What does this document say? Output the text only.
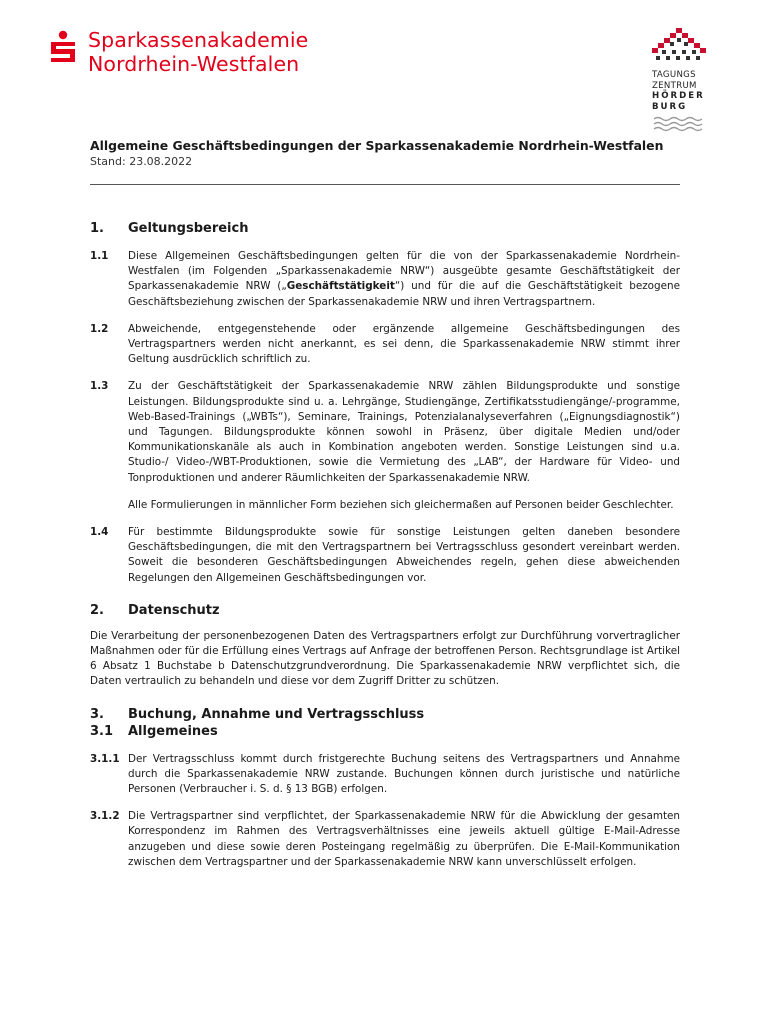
Sparkassenakademie
Nordrhein-Westfalen	TAGUNGS
ZENTRUM
HÖRDER
BURG
Allgemeine Geschäftsbedingungen der Sparkassenakademie Nordrhein-Westfalen
Stand: 23.08.2022
1.	Geltungsbereich
1.1	Diese Allgemeinen Geschäftsbedingungen gelten für die von der Sparkassenakademie Nordrhein-Westfalen (im Folgenden „Sparkassenakademie NRW“) ausgeübte gesamte Geschäftstätigkeit der Sparkassenakademie NRW („Geschäftstätigkeit“) und für die auf die Geschäftstätigkeit bezogene Geschäftsbeziehung zwischen der Sparkassenakademie NRW und ihren Vertragspartnern.
1.2	Abweichende, entgegenstehende oder ergänzende allgemeine Geschäftsbedingungen des Vertragspartners werden nicht anerkannt, es sei denn, die Sparkassenakademie NRW stimmt ihrer Geltung ausdrücklich schriftlich zu.
1.3	Zu der Geschäftstätigkeit der Sparkassenakademie NRW zählen Bildungsprodukte und sonstige Leistungen. Bildungsprodukte sind u. a. Lehrgänge, Studiengänge, Zertifikatsstudiengänge/-programme, Web-Based-Trainings („WBTs“), Seminare, Trainings, Potenzialanalyseverfahren („Eignungsdiagnostik“) und Tagungen. Bildungsprodukte können sowohl in Präsenz, über digitale Medien und/oder Kommunikationskanäle als auch in Kombination angeboten werden. Sonstige Leistungen sind u.a. Studio-/ Video-/WBT-Produktionen, sowie die Vermietung des „LAB“, der Hardware für Video- und Tonproduktionen und anderer Räumlichkeiten der Sparkassenakademie NRW.
Alle Formulierungen in männlicher Form beziehen sich gleichermaßen auf Personen beider Geschlechter.
1.4	Für bestimmte Bildungsprodukte sowie für sonstige Leistungen gelten daneben besondere Geschäftsbedingungen, die mit den Vertragspartnern bei Vertragsschluss gesondert vereinbart werden. Soweit die besonderen Geschäftsbedingungen Abweichendes regeln, gehen diese abweichenden Regelungen den Allgemeinen Geschäftsbedingungen vor.
2.	Datenschutz
Die Verarbeitung der personenbezogenen Daten des Vertragspartners erfolgt zur Durchführung vorvertraglicher Maßnahmen oder für die Erfüllung eines Vertrags auf Anfrage der betroffenen Person. Rechtsgrundlage ist Artikel 6 Absatz 1 Buchstabe b Datenschutzgrundverordnung. Die Sparkassenakademie NRW verpflichtet sich, die Daten vertraulich zu behandeln und diese vor dem Zugriff Dritter zu schützen.
3.	Buchung, Annahme und Vertragsschluss
3.1	Allgemeines
3.1.1 Der Vertragsschluss kommt durch fristgerechte Buchung seitens des Vertragspartners und Annahme durch die Sparkassenakademie NRW zustande. Buchungen können durch juristische und natürliche Personen (Verbraucher i. S. d. § 13 BGB) erfolgen.
3.1.2 Die Vertragspartner sind verpflichtet, der Sparkassenakademie NRW für die Abwicklung der gesamten Korrespondenz im Rahmen des Vertragsverhältnisses eine jeweils aktuell gültige E-Mail-Adresse anzugeben und diese sowie deren Posteingang regelmäßig zu überprüfen. Die E-Mail-Kommunikation zwischen dem Vertragspartner und der Sparkassenakademie NRW kann unverschlüsselt erfolgen.
